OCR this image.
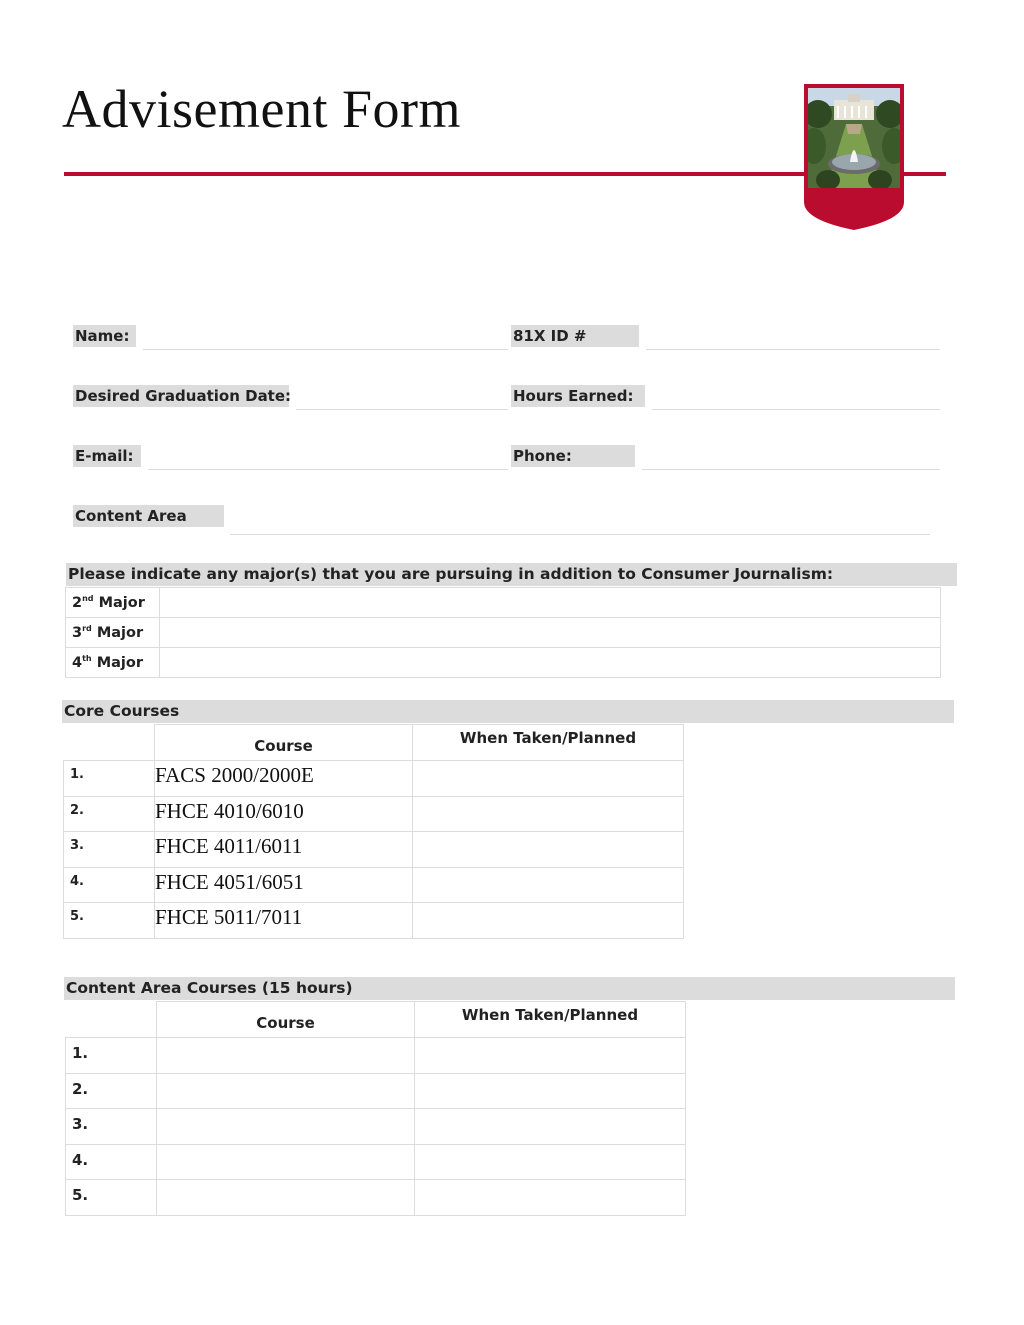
Advisement Form
Name:	81X ID #
Desired Graduation Date:	Hours Earned:
E-mail:	Phone:
Content Area
Please indicate any major(s) that you are pursuing in addition to Consumer Journalism:
2nd Major	
3rd Major	
4th Major	
Core Courses
	Course	When Taken/Planned
1.	FACS 2000/2000E	
2.	FHCE 4010/6010	
3.	FHCE 4011/6011	
4.	FHCE 4051/6051	
5.	FHCE 5011/7011	
Content Area Courses (15 hours)
	Course	When Taken/Planned
1.		
2.		
3.		
4.		
5.		
